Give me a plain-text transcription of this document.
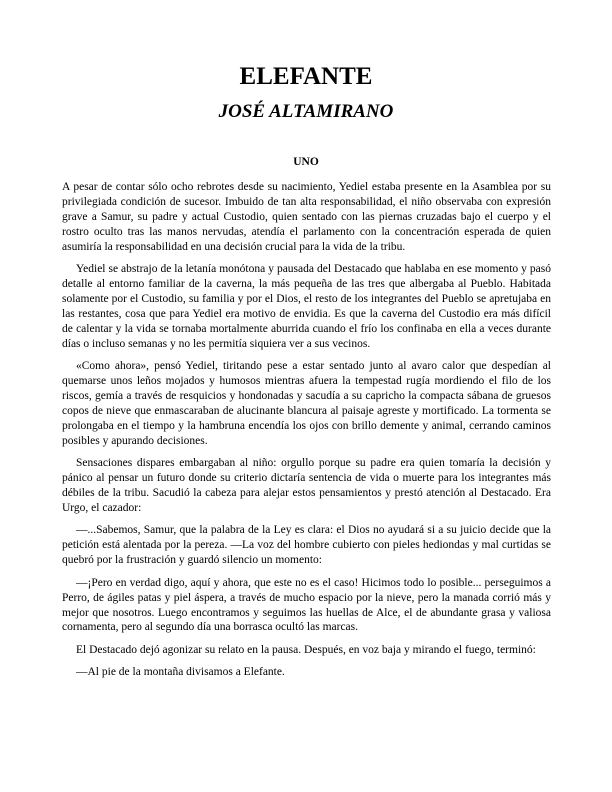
ELEFANTE
JOSÉ ALTAMIRANO
UNO

A pesar de contar sólo ocho rebrotes desde su nacimiento, Yediel estaba presente en la Asamblea por su privilegiada condición de sucesor. Imbuido de tan alta responsabilidad, el niño observaba con expresión grave a Samur, su padre y actual Custodio, quien sentado con las piernas cruzadas bajo el cuerpo y el rostro oculto tras las manos nervudas, atendía el parlamento con la concentración esperada de quien asumiría la responsabilidad en una decisión crucial para la vida de la tribu.

Yediel se abstrajo de la letanía monótona y pausada del Destacado que hablaba en ese momento y pasó detalle al entorno familiar de la caverna, la más pequeña de las tres que albergaba al Pueblo. Habitada solamente por el Custodio, su familia y por el Dios, el resto de los integrantes del Pueblo se apretujaba en las restantes, cosa que para Yediel era motivo de envidia. Es que la caverna del Custodio era más difícil de calentar y la vida se tornaba mortalmente aburrida cuando el frío los confinaba en ella a veces durante días o incluso semanas y no les permitía siquiera ver a sus vecinos.

«Como ahora», pensó Yediel, tiritando pese a estar sentado junto al avaro calor que despedían al quemarse unos leños mojados y humosos mientras afuera la tempestad rugía mordiendo el filo de los riscos, gemía a través de resquicios y hondonadas y sacudía a su capricho la compacta sábana de gruesos copos de nieve que enmascaraban de alucinante blancura al paisaje agreste y mortificado. La tormenta se prolongaba en el tiempo y la hambruna encendía los ojos con brillo demente y animal, cerrando caminos posibles y apurando decisiones.

Sensaciones dispares embargaban al niño: orgullo porque su padre era quien tomaría la decisión y pánico al pensar un futuro donde su criterio dictaría sentencia de vida o muerte para los integrantes más débiles de la tribu. Sacudió la cabeza para alejar estos pensamientos y prestó atención al Destacado. Era Urgo, el cazador:

—...Sabemos, Samur, que la palabra de la Ley es clara: el Dios no ayudará si a su juicio decide que la petición está alentada por la pereza. —La voz del hombre cubierto con pieles hediondas y mal curtidas se quebró por la frustración y guardó silencio un momento:

—¡Pero en verdad digo, aquí y ahora, que este no es el caso! Hicimos todo lo posible... perseguimos a Perro, de ágiles patas y piel áspera, a través de mucho espacio por la nieve, pero la manada corrió más y mejor que nosotros. Luego encontramos y seguimos las huellas de Alce, el de abundante grasa y valiosa cornamenta, pero al segundo día una borrasca ocultó las marcas.

El Destacado dejó agonizar su relato en la pausa. Después, en voz baja y mirando el fuego, terminó:

—Al pie de la montaña divisamos a Elefante.
